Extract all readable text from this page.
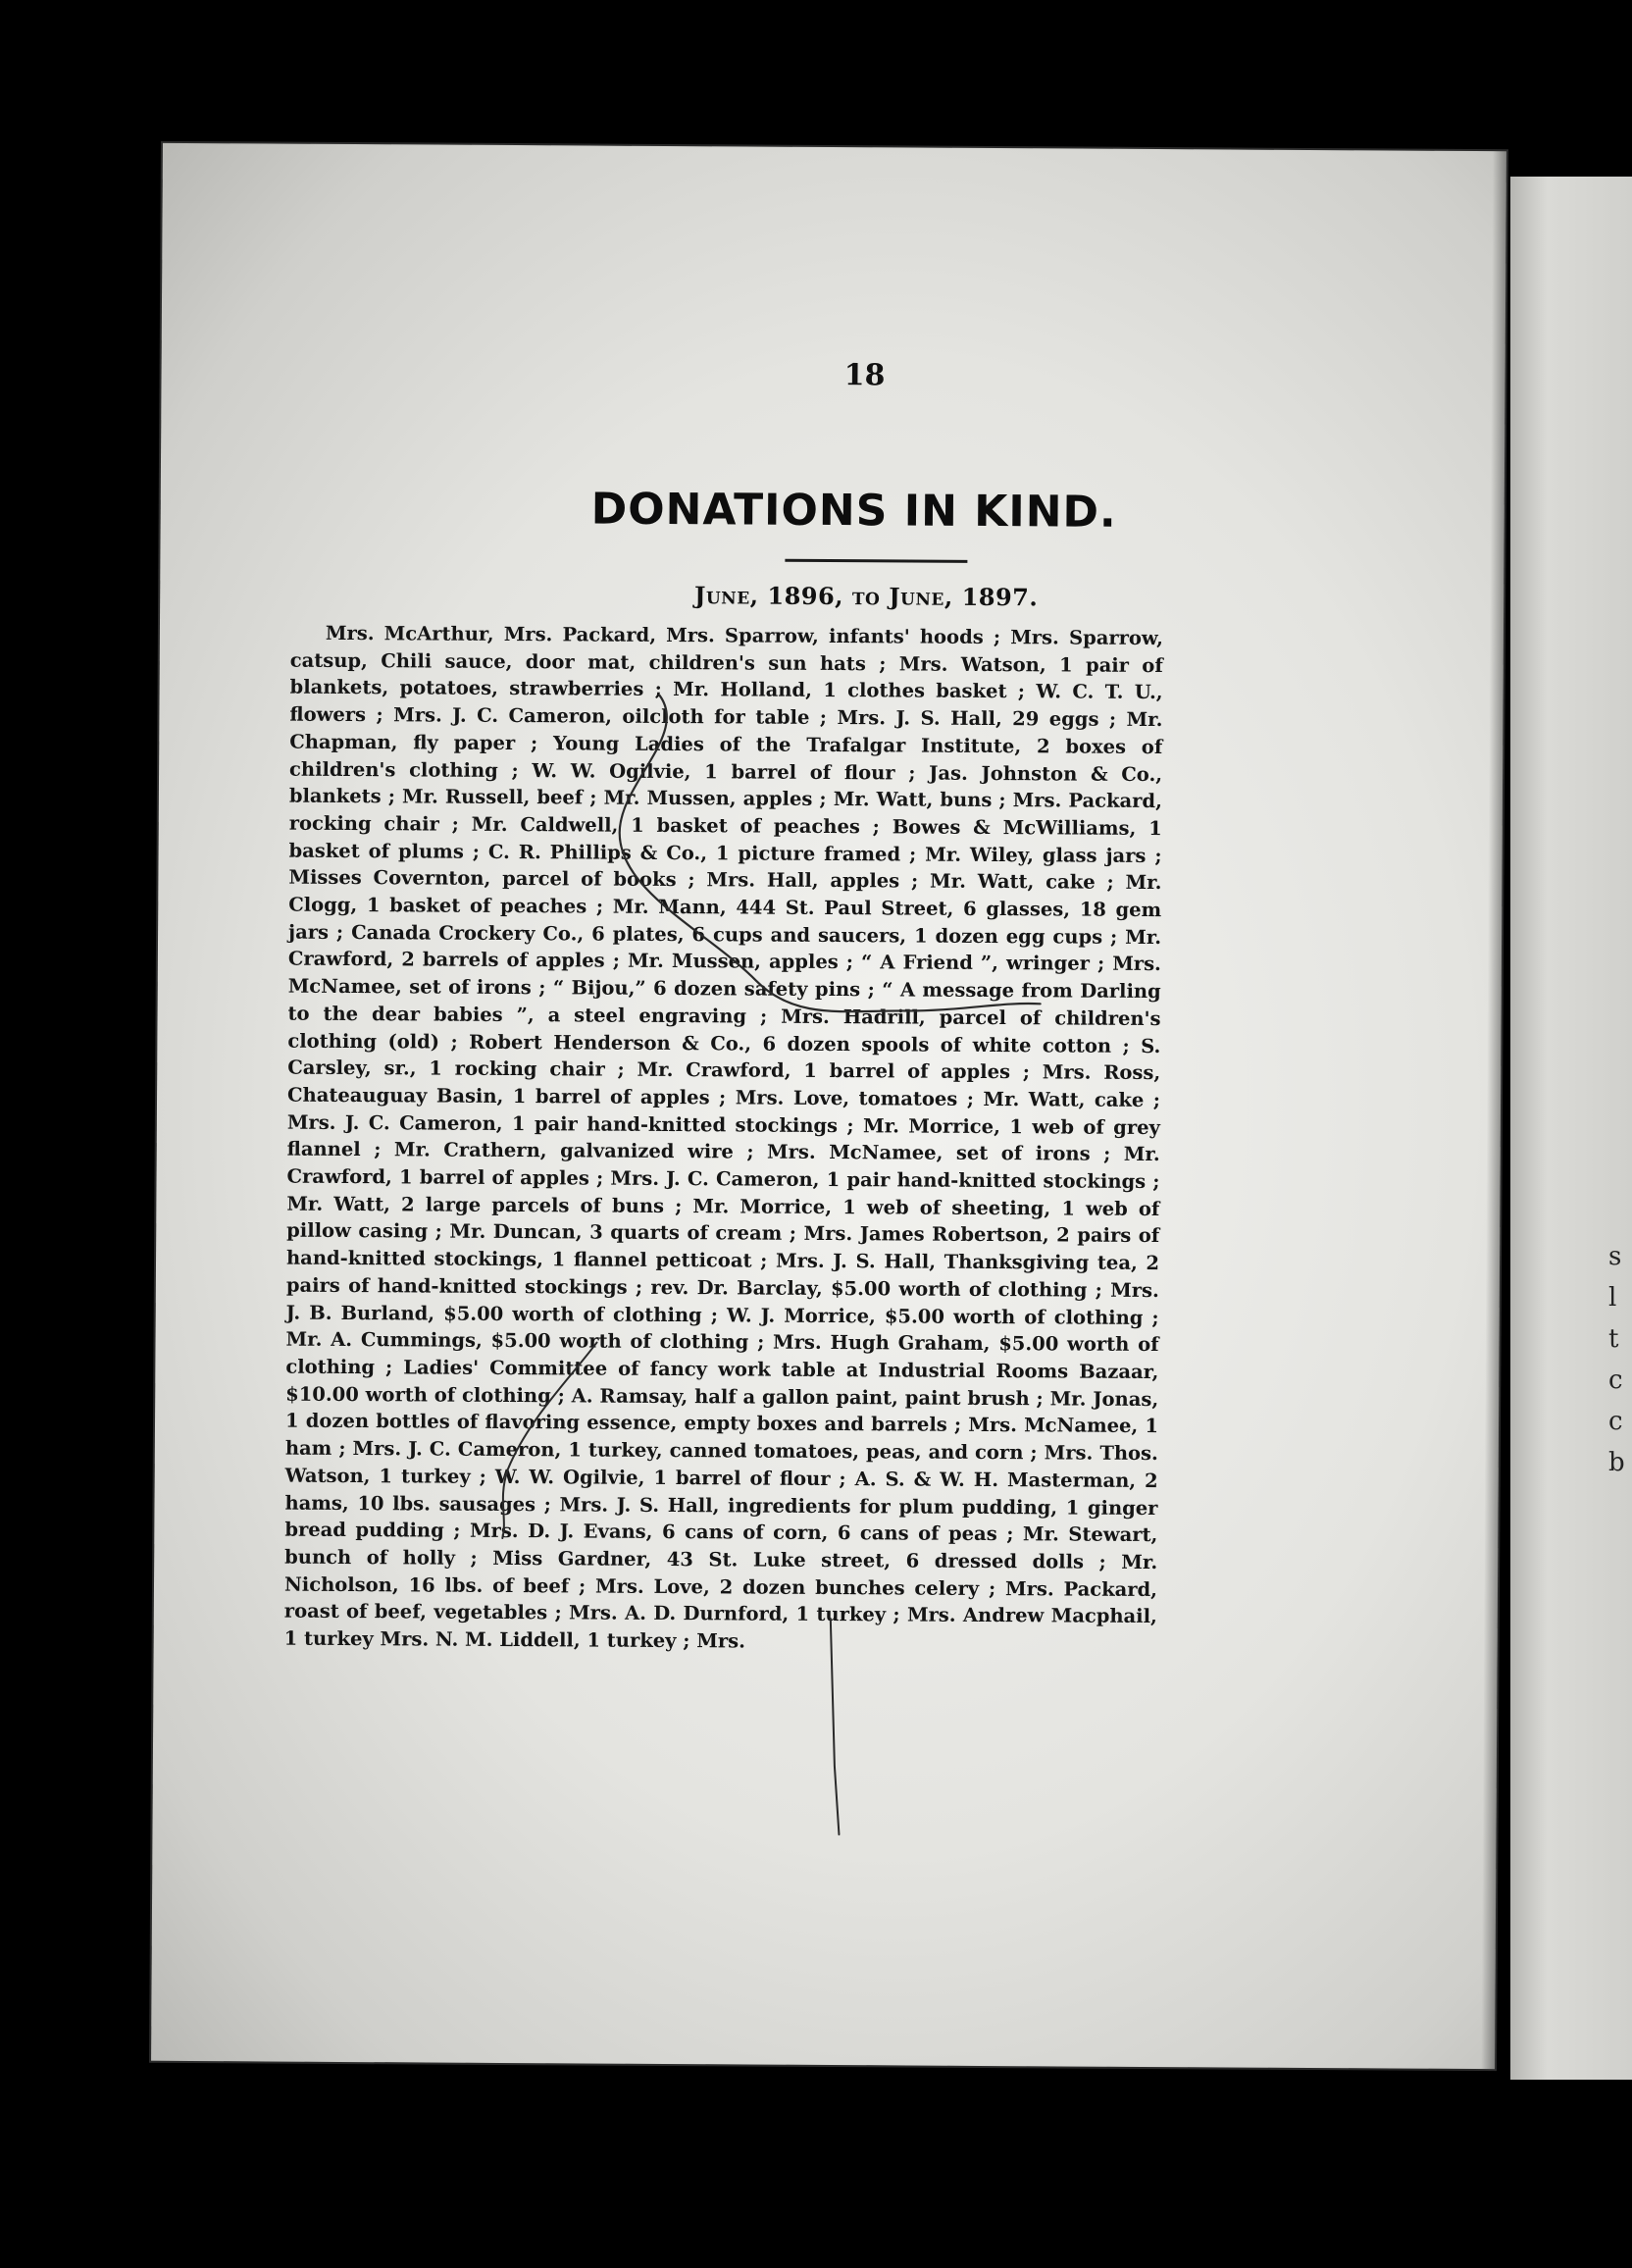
s
l
t
c
c
b
18
DONATIONS IN KIND.
June, 1896, to June, 1897.

Mrs. McArthur, Mrs. Packard, Mrs. Sparrow, infants' hoods ; Mrs. Sparrow, catsup, Chili sauce, door mat, children's sun hats ; Mrs. Watson, 1 pair of blankets, potatoes, strawberries ; Mr. Holland, 1 clothes basket ; W. C. T. U., flowers ; Mrs. J. C. Cameron, oilcloth for table ; Mrs. J. S. Hall, 29 eggs ; Mr. Chapman, fly paper ; Young Ladies of the Trafalgar Institute, 2 boxes of children's clothing ; W. W. Ogilvie, 1 barrel of flour ; Jas. Johnston & Co., blankets ; Mr. Russell, beef ; Mr. Mussen, apples ; Mr. Watt, buns ; Mrs. Packard, rocking chair ; Mr. Caldwell, 1 basket of peaches ; Bowes & McWilliams, 1 basket of plums ; C. R. Phillips & Co., 1 picture framed ; Mr. Wiley, glass jars ; Misses Covernton, parcel of books ; Mrs. Hall, apples ; Mr. Watt, cake ; Mr. Clogg, 1 basket of peaches ; Mr. Mann, 444 St. Paul Street, 6 glasses, 18 gem jars ; Canada Crockery Co., 6 plates, 6 cups and saucers, 1 dozen egg cups ; Mr. Crawford, 2 barrels of apples ; Mr. Mussen, apples ; “ A Friend ”, wringer ; Mrs. McNamee, set of irons ; “ Bijou,” 6 dozen safety pins ; “ A message from Darling to the dear babies ”, a steel engraving ; Mrs. Hadrill, parcel of children's clothing (old) ; Robert Henderson & Co., 6 dozen spools of white cotton ; S. Carsley, sr., 1 rocking chair ; Mr. Crawford, 1 barrel of apples ; Mrs. Ross, Chateauguay Basin, 1 barrel of apples ; Mrs. Love, tomatoes ; Mr. Watt, cake ; Mrs. J. C. Cameron, 1 pair hand-knitted stockings ; Mr. Morrice, 1 web of grey flannel ; Mr. Crathern, galvanized wire ; Mrs. McNamee, set of irons ; Mr. Crawford, 1 barrel of apples ; Mrs. J. C. Cameron, 1 pair hand-knitted stockings ; Mr. Watt, 2 large parcels of buns ; Mr. Morrice, 1 web of sheeting, 1 web of pillow casing ; Mr. Duncan, 3 quarts of cream ; Mrs. James Robertson, 2 pairs of hand-knitted stockings, 1 flannel petticoat ; Mrs. J. S. Hall, Thanksgiving tea, 2 pairs of hand-knitted stockings ; rev. Dr. Barclay, $5.00 worth of clothing ; Mrs. J. B. Burland, $5.00 worth of clothing ; W. J. Morrice, $5.00 worth of clothing ; Mr. A. Cummings, $5.00 worth of clothing ; Mrs. Hugh Graham, $5.00 worth of clothing ; Ladies' Committee of fancy work table at Industrial Rooms Bazaar, $10.00 worth of clothing ; A. Ramsay, half a gallon paint, paint brush ; Mr. Jonas, 1 dozen bottles of flavoring essence, empty boxes and barrels ; Mrs. McNamee, 1 ham ; Mrs. J. C. Cameron, 1 turkey, canned tomatoes, peas, and corn ; Mrs. Thos. Watson, 1 turkey ; W. W. Ogilvie, 1 barrel of flour ; A. S. & W. H. Masterman, 2 hams, 10 lbs. sausages ; Mrs. J. S. Hall, ingredients for plum pudding, 1 ginger bread pudding ; Mrs. D. J. Evans, 6 cans of corn, 6 cans of peas ; Mr. Stewart, bunch of holly ; Miss Gardner, 43 St. Luke street, 6 dressed dolls ; Mr. Nicholson, 16 lbs. of beef ; Mrs. Love, 2 dozen bunches celery ; Mrs. Packard, roast of beef, vegetables ; Mrs. A. D. Durnford, 1 turkey ; Mrs. Andrew Macphail, 1 turkey Mrs. N. M. Liddell, 1 turkey ; Mrs.
